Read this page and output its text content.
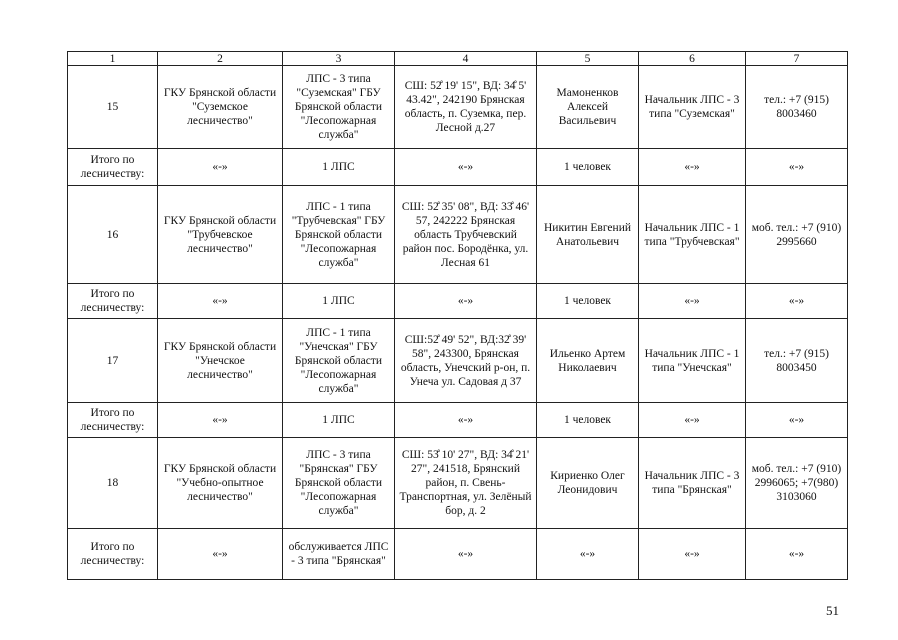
1	2	3	4	5	6	7
15	ГКУ Брянской области "Суземское лесничество"	ЛПС - 3 типа "Суземская" ГБУ Брянской области "Лесопожарная служба"	СШ: 52̊ 19' 15", ВД: 34̊ 5' 43.42", 242190 Брянская область, п. Суземка, пер. Лесной д.27	Мамоненков Алексей Васильевич	Начальник ЛПС - 3 типа "Суземская"	тел.: +7 (915) 8003460
Итого по лесничеству:	«-»	1 ЛПС	«-»	1 человек	«-»	«-»
16	ГКУ Брянской области "Трубчевское лесничество"	ЛПС - 1 типа "Трубчевская" ГБУ Брянской области "Лесопожарная служба"	СШ: 52̊ 35' 08", ВД: 33̊ 46' 57, 242222 Брянская область Трубчевский район пос. Бородёнка, ул. Лесная 61	Никитин Евгений Анатольевич	Начальник ЛПС - 1 типа "Трубчевская"	моб. тел.: +7 (910) 2995660
Итого по лесничеству:	«-»	1 ЛПС	«-»	1 человек	«-»	«-»
17	ГКУ Брянской области "Унечское лесничество"	ЛПС - 1 типа "Унечская" ГБУ Брянской области "Лесопожарная служба"	СШ:52̊ 49' 52", ВД:32̊ 39' 58", 243300, Брянская область, Унечский р-он, п. Унеча ул. Садовая д 37	Ильенко Артем Николаевич	Начальник ЛПС - 1 типа "Унечская"	тел.: +7 (915) 8003450
Итого по лесничеству:	«-»	1 ЛПС	«-»	1 человек	«-»	«-»
18	ГКУ Брянской области "Учебно-опытное лесничество"	ЛПС - 3 типа "Брянская" ГБУ Брянской области "Лесопожарная служба"	СШ: 53̊ 10' 27", ВД: 34̊ 21' 27", 241518, Брянский район, п. Свень-Транспортная, ул. Зелёный бор, д. 2	Кириенко Олег Леонидович	Начальник ЛПС - 3 типа "Брянская"	моб. тел.: +7 (910) 2996065; +7(980) 3103060
Итого по лесничеству:	«-»	обслуживается ЛПС - 3 типа "Брянская"	«-»	«-»	«-»	«-»
51
